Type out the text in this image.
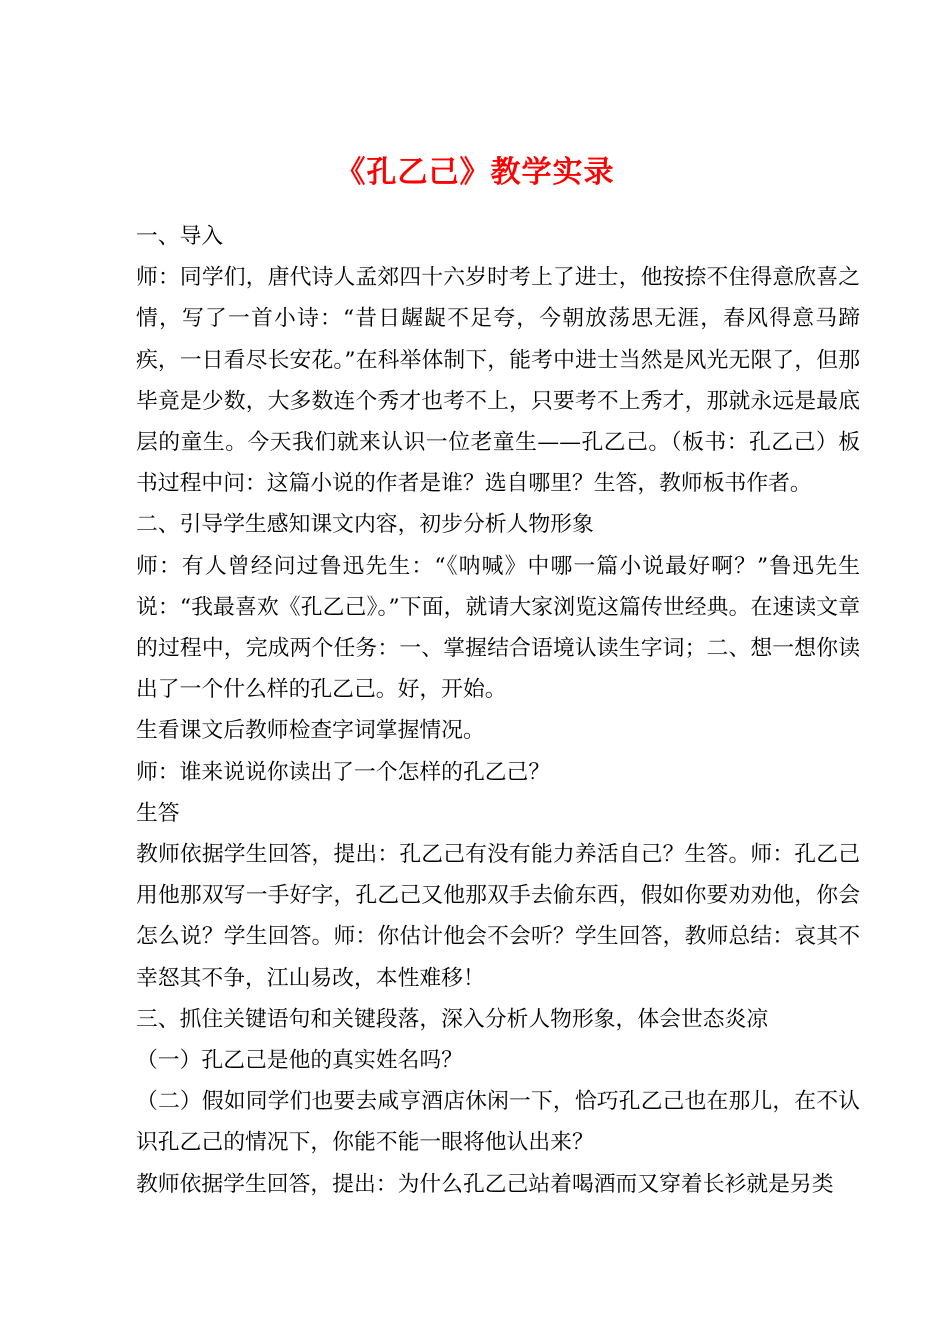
《孔乙己》教学实录

一、导入

师：同学们，唐代诗人孟郊四十六岁时考上了进士，他按捺不住得意欣喜之情，写了一首小诗：“昔日龌龊不足夸，今朝放荡思无涯，春风得意马蹄疾，一日看尽长安花。”在科举体制下，能考中进士当然是风光无限了，但那毕竟是少数，大多数连个秀才也考不上，只要考不上秀才，那就永远是最底层的童生。今天我们就来认识一位老童生——孔乙己。（板书：孔乙己）板书过程中问：这篇小说的作者是谁？选自哪里？生答，教师板书作者。

二、引导学生感知课文内容，初步分析人物形象

师：有人曾经问过鲁迅先生：“《呐喊》中哪一篇小说最好啊？”鲁迅先生说：“我最喜欢《孔乙己》。”下面，就请大家浏览这篇传世经典。在速读文章的过程中，完成两个任务：一、掌握结合语境认读生字词；二、想一想你读出了一个什么样的孔乙己。好，开始。

生看课文后教师检查字词掌握情况。

师：谁来说说你读出了一个怎样的孔乙己？

生答

教师依据学生回答，提出：孔乙己有没有能力养活自己？生答。师：孔乙己用他那双写一手好字，孔乙己又他那双手去偷东西，假如你要劝劝他，你会怎么说？学生回答。师：你估计他会不会听？学生回答，教师总结：哀其不幸怒其不争，江山易改，本性难移！

三、抓住关键语句和关键段落，深入分析人物形象，体会世态炎凉

（一）孔乙己是他的真实姓名吗？

（二）假如同学们也要去咸亨酒店休闲一下，恰巧孔乙己也在那儿，在不认识孔乙己的情况下，你能不能一眼将他认出来？

教师依据学生回答，提出：为什么孔乙己站着喝酒而又穿着长衫就是另类
